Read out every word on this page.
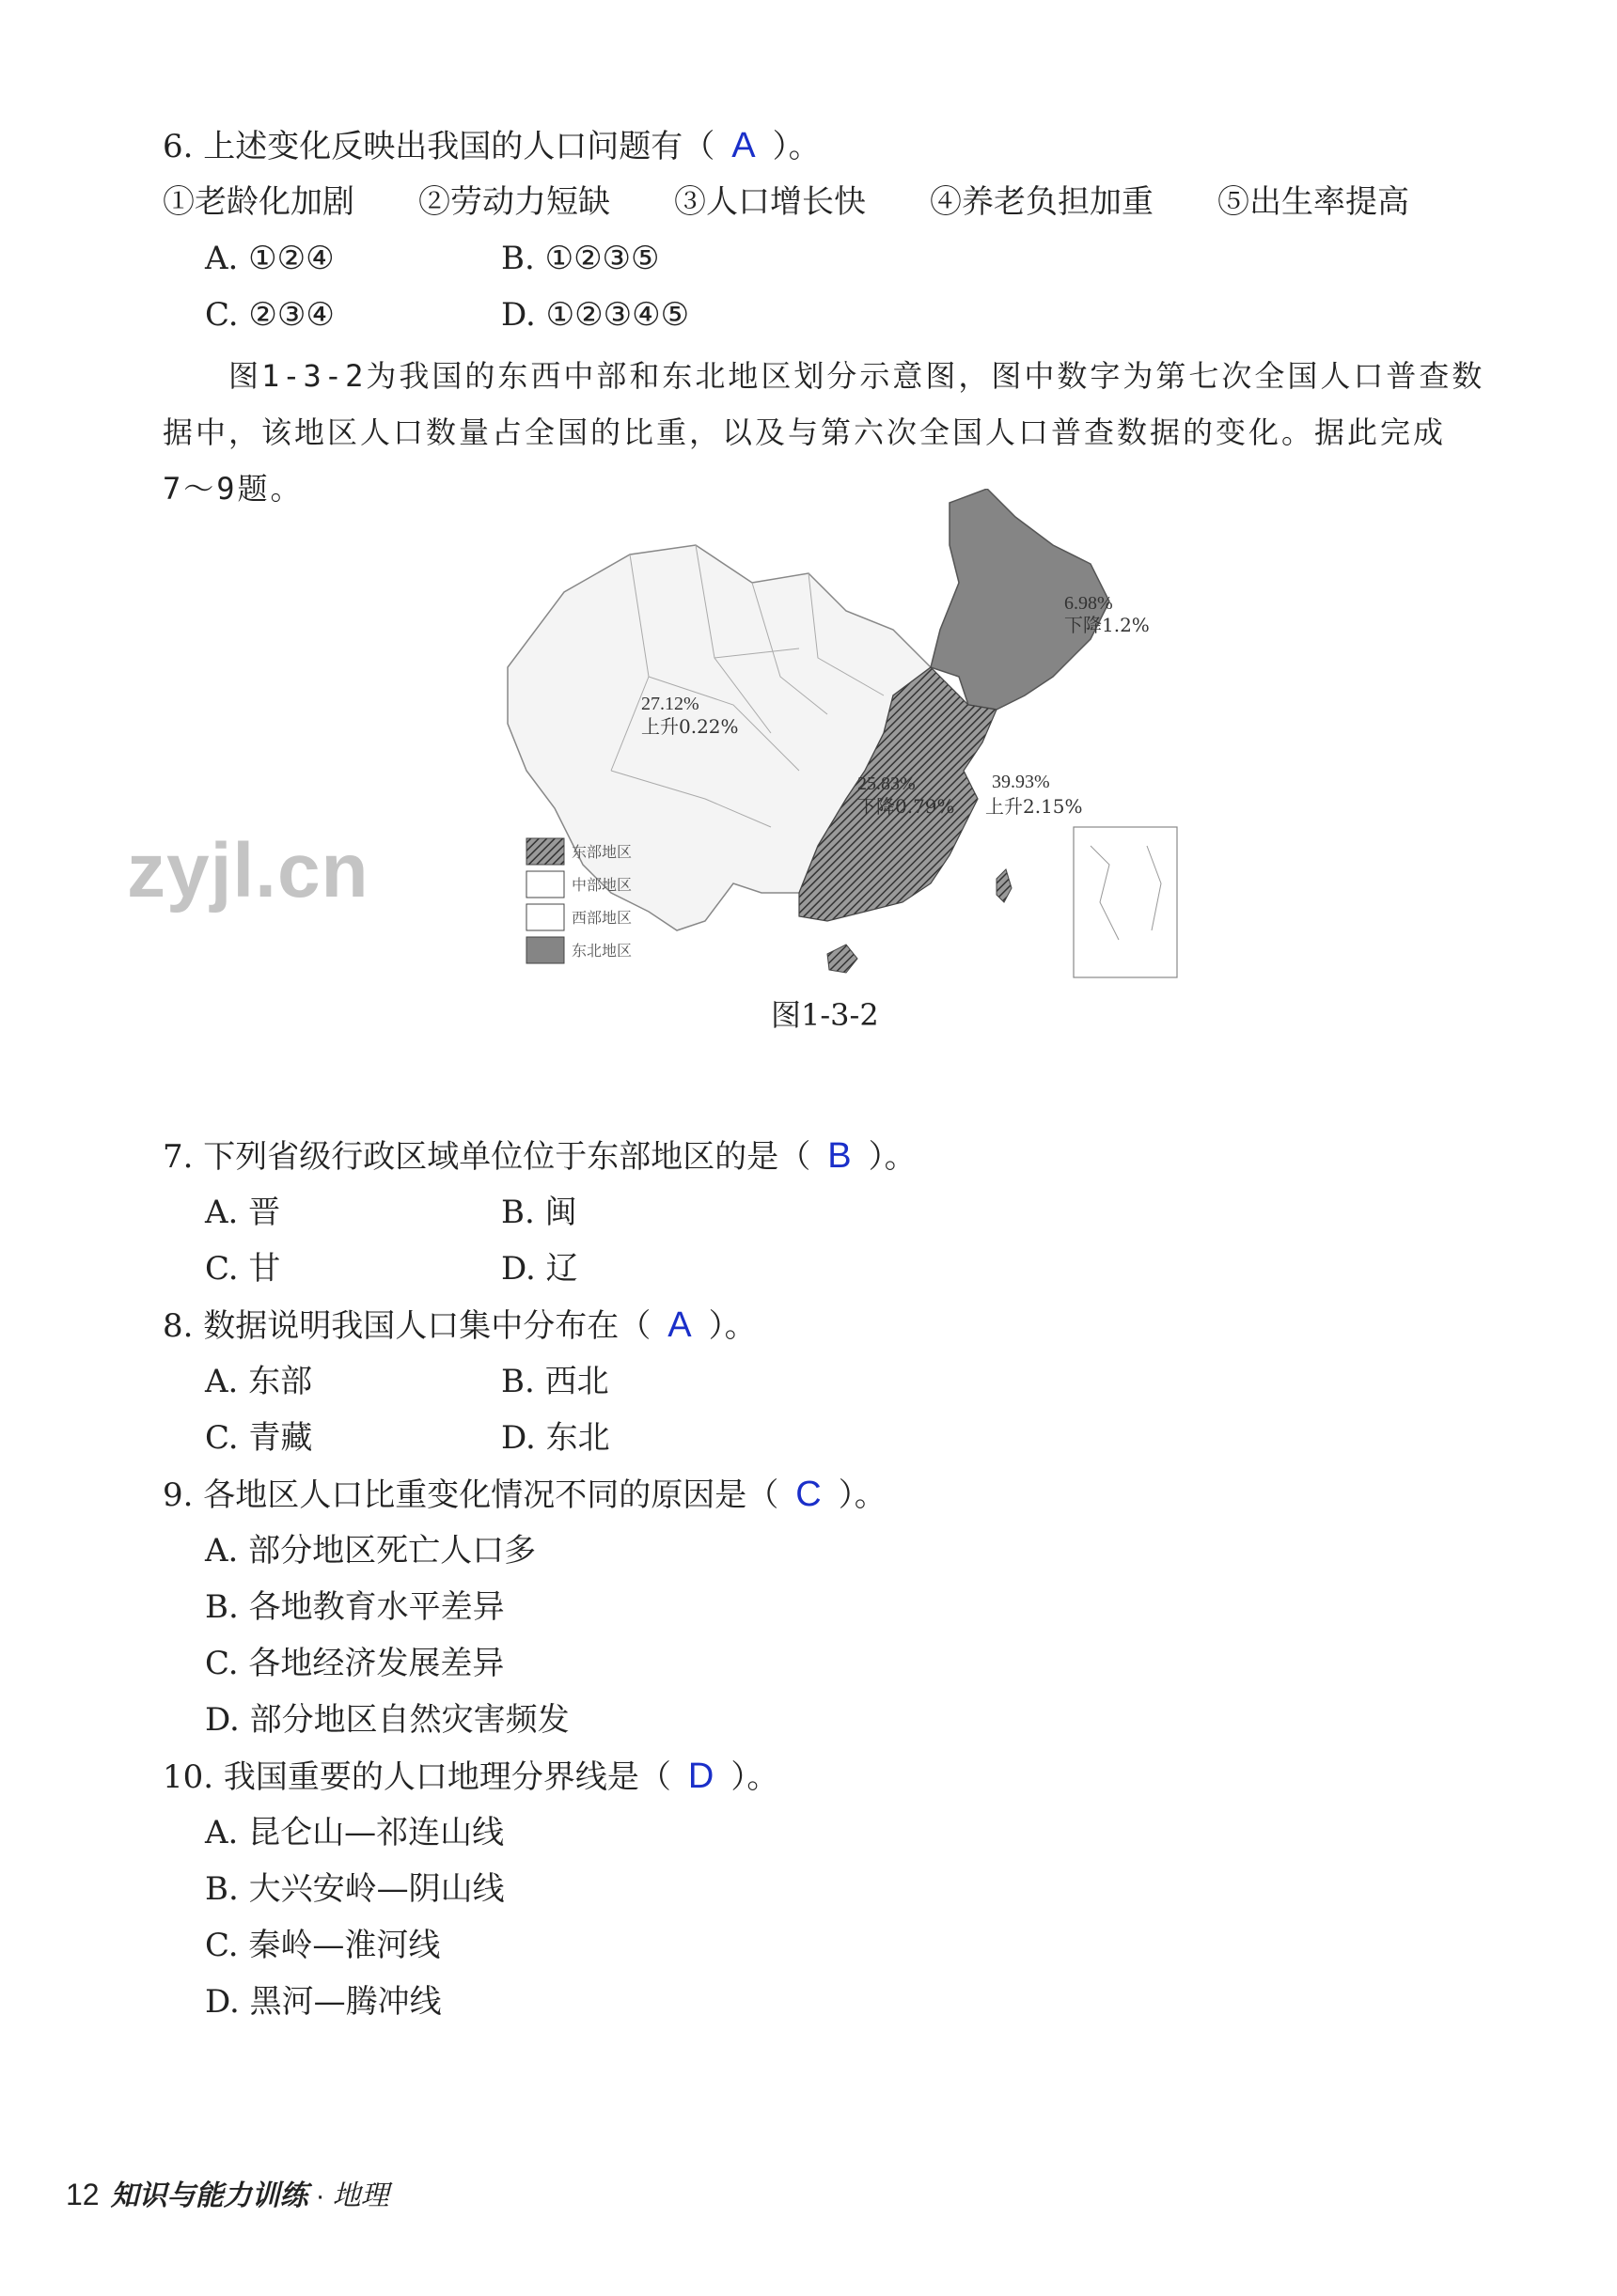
6. 上述变化反映出我国的人口问题有（ A ）。
①老龄化加剧　　②劳动力短缺　　③人口增长快　　④养老负担加重　　⑤出生率提高
A. ①②④	B. ①②③⑤
C. ②③④	D. ①②③④⑤
图1-3-2为我国的东西中部和东北地区划分示意图，图中数字为第七次全国人口普查数
据中，该地区人口数量占全国的比重，以及与第六次全国人口普查数据的变化。据此完成
7～9题。
zyjl.cn	东部地区
中部地区
西部地区
东北地区
6.98%
下降1.2%
27.12%
上升0.22%
25.83%
下降0.79%
39.93%
上升2.15%
图1-3-2
7. 下列省级行政区域单位位于东部地区的是（ B ）。
A. 晋	B. 闽
C. 甘	D. 辽
8. 数据说明我国人口集中分布在（ A ）。
A. 东部	B. 西北
C. 青藏	D. 东北
9. 各地区人口比重变化情况不同的原因是（ C ）。
A. 部分地区死亡人口多
B. 各地教育水平差异
C. 各地经济发展差异
D. 部分地区自然灾害频发
10. 我国重要的人口地理分界线是（ D ）。
A. 昆仑山—祁连山线
B. 大兴安岭—阴山线
C. 秦岭—淮河线
D. 黑河—腾冲线
12 知识与能力训练 · 地理
